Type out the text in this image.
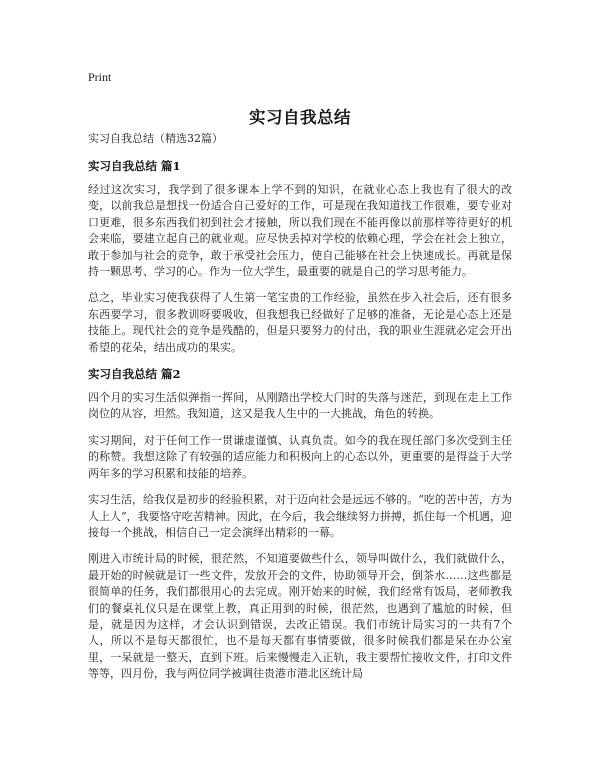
Print
实习自我总结
实习自我总结（精选32篇）
实习自我总结 篇1

经过这次实习，我学到了很多课本上学不到的知识，在就业心态上我也有了很大的改变，以前我总是想找一份适合自己爱好的工作，可是现在我知道找工作很难，要专业对口更难，很多东西我们初到社会才接触，所以我们现在不能再像以前那样等待更好的机会来临，要建立起自己的就业观。应尽快丢掉对学校的依赖心理，学会在社会上独立，敢于参加与社会的竞争，敢于承受社会压力，使自己能够在社会上快速成长。再就是保持一颗思考、学习的心。作为一位大学生，最重要的就是自己的学习思考能力。

总之，毕业实习使我获得了人生第一笔宝贵的工作经验，虽然在步入社会后，还有很多东西要学习，很多教训呀要吸收，但我想我已经做好了足够的准备，无论是心态上还是技能上。现代社会的竞争是残酷的，但是只要努力的付出，我的职业生涯就必定会开出希望的花朵，结出成功的果实。

实习自我总结 篇2

四个月的实习生活似弹指一挥间，从刚踏出学校大门时的失落与迷茫，到现在走上工作岗位的从容，坦然。我知道，这又是我人生中的一大挑战，角色的转换。

实习期间，对于任何工作一贯谦虚谨慎、认真负责。如今的我在现任部门多次受到主任的称赞。我想这除了有较强的适应能力和积极向上的心态以外，更重要的是得益于大学两年多的学习积累和技能的培养。

实习生活，给我仅是初步的经验积累，对于迈向社会是远远不够的。“吃的苦中苦，方为人上人”，我要恪守吃苦精神。因此，在今后，我会继续努力拼搏，抓住每一个机遇，迎接每一个挑战，相信自己一定会演绎出精彩的一幕。

刚进入市统计局的时候，很茫然，不知道要做些什么，领导叫做什么，我们就做什么，最开始的时候就是订一些文件，发放开会的文件，协助领导开会，倒茶水……这些都是很简单的任务，我们都很用心的去完成。刚开始来的时候，我们经常有饭局，老师教我们的餐桌礼仪只是在课堂上教，真正用到的时候，很茫然，也遇到了尴尬的时候，但是，就是因为这样，才会认识到错误，去改正错误。我们市统计局实习的一共有7个人，所以不是每天都很忙，也不是每天都有事情要做，很多时候我们都是呆在办公室里，一呆就是一整天，直到下班。后来慢慢走入正轨，我主要帮忙接收文件，打印文件等等，四月份，我与两位同学被调往贵港市港北区统计局
